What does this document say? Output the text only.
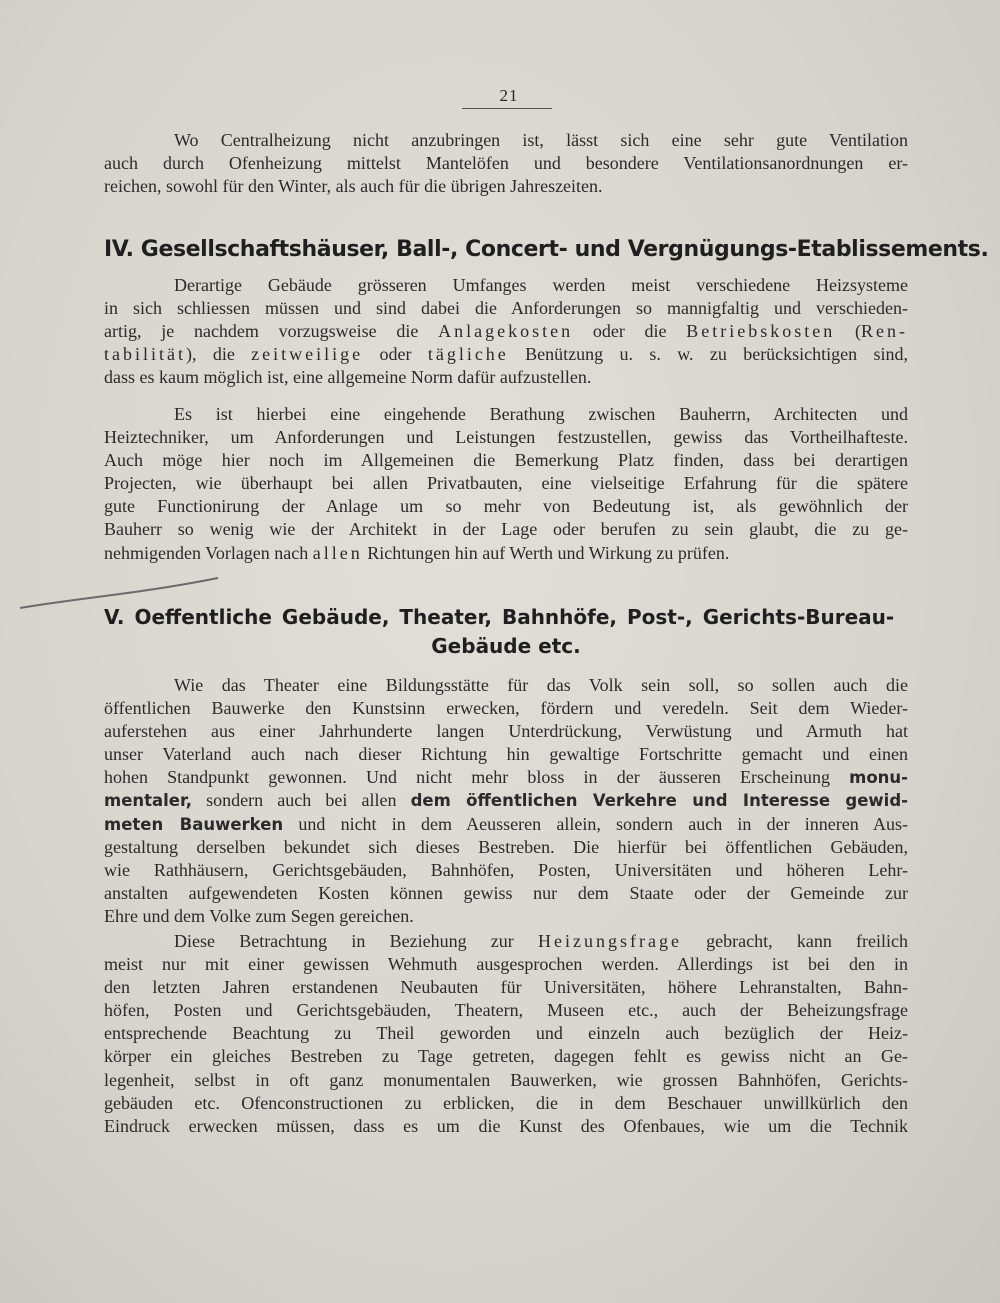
21

Wo Centralheizung nicht anzubringen ist, lässt sich eine sehr gute Ventilation

auch durch Ofenheizung mittelst Mantelöfen und besondere Ventilationsanordnungen er-

reichen, sowohl für den Winter, als auch für die übrigen Jahreszeiten.

IV. Gesellschaftshäuser, Ball-, Concert- und Vergnügungs-Etablissements.

Derartige Gebäude grösseren Umfanges werden meist verschiedene Heizsysteme

in sich schliessen müssen und sind dabei die Anforderungen so mannigfaltig und verschieden-

artig, je nachdem vorzugsweise die Anlagekosten oder die Betriebskosten (Ren-

tabilität), die zeitweilige oder tägliche Benützung u. s. w. zu berücksichtigen sind,

dass es kaum möglich ist, eine allgemeine Norm dafür aufzustellen.

Es ist hierbei eine eingehende Berathung zwischen Bauherrn, Architecten und

Heiztechniker, um Anforderungen und Leistungen festzustellen, gewiss das Vortheilhafteste.

Auch möge hier noch im Allgemeinen die Bemerkung Platz finden, dass bei derartigen

Projecten, wie überhaupt bei allen Privatbauten, eine vielseitige Erfahrung für die spätere

gute Functionirung der Anlage um so mehr von Bedeutung ist, als gewöhnlich der

Bauherr so wenig wie der Architekt in der Lage oder berufen zu sein glaubt, die zu ge-

nehmigenden Vorlagen nach allen Richtungen hin auf Werth und Wirkung zu prüfen.

V. Oeffentliche Gebäude, Theater, Bahnhöfe, Post-, Gerichts-Bureau-
Gebäude etc.

Wie das Theater eine Bildungsstätte für das Volk sein soll, so sollen auch die

öffentlichen Bauwerke den Kunstsinn erwecken, fördern und veredeln. Seit dem Wieder-

auferstehen aus einer Jahrhunderte langen Unterdrückung, Verwüstung und Armuth hat

unser Vaterland auch nach dieser Richtung hin gewaltige Fortschritte gemacht und einen

hohen Standpunkt gewonnen. Und nicht mehr bloss in der äusseren Erscheinung monu-

mentaler, sondern auch bei allen dem öffentlichen Verkehre und Interesse gewid-

meten Bauwerken und nicht in dem Aeusseren allein, sondern auch in der inneren Aus-

gestaltung derselben bekundet sich dieses Bestreben. Die hierfür bei öffentlichen Gebäuden,

wie Rathhäusern, Gerichtsgebäuden, Bahnhöfen, Posten, Universitäten und höheren Lehr-

anstalten aufgewendeten Kosten können gewiss nur dem Staate oder der Gemeinde zur

Ehre und dem Volke zum Segen gereichen.

Diese Betrachtung in Beziehung zur Heizungsfrage gebracht, kann freilich

meist nur mit einer gewissen Wehmuth ausgesprochen werden. Allerdings ist bei den in

den letzten Jahren erstandenen Neubauten für Universitäten, höhere Lehranstalten, Bahn-

höfen, Posten und Gerichtsgebäuden, Theatern, Museen etc., auch der Beheizungsfrage

entsprechende Beachtung zu Theil geworden und einzeln auch bezüglich der Heiz-

körper ein gleiches Bestreben zu Tage getreten, dagegen fehlt es gewiss nicht an Ge-

legenheit, selbst in oft ganz monumentalen Bauwerken, wie grossen Bahnhöfen, Gerichts-

gebäuden etc. Ofenconstructionen zu erblicken, die in dem Beschauer unwillkürlich den

Eindruck erwecken müssen, dass es um die Kunst des Ofenbaues, wie um die Technik
